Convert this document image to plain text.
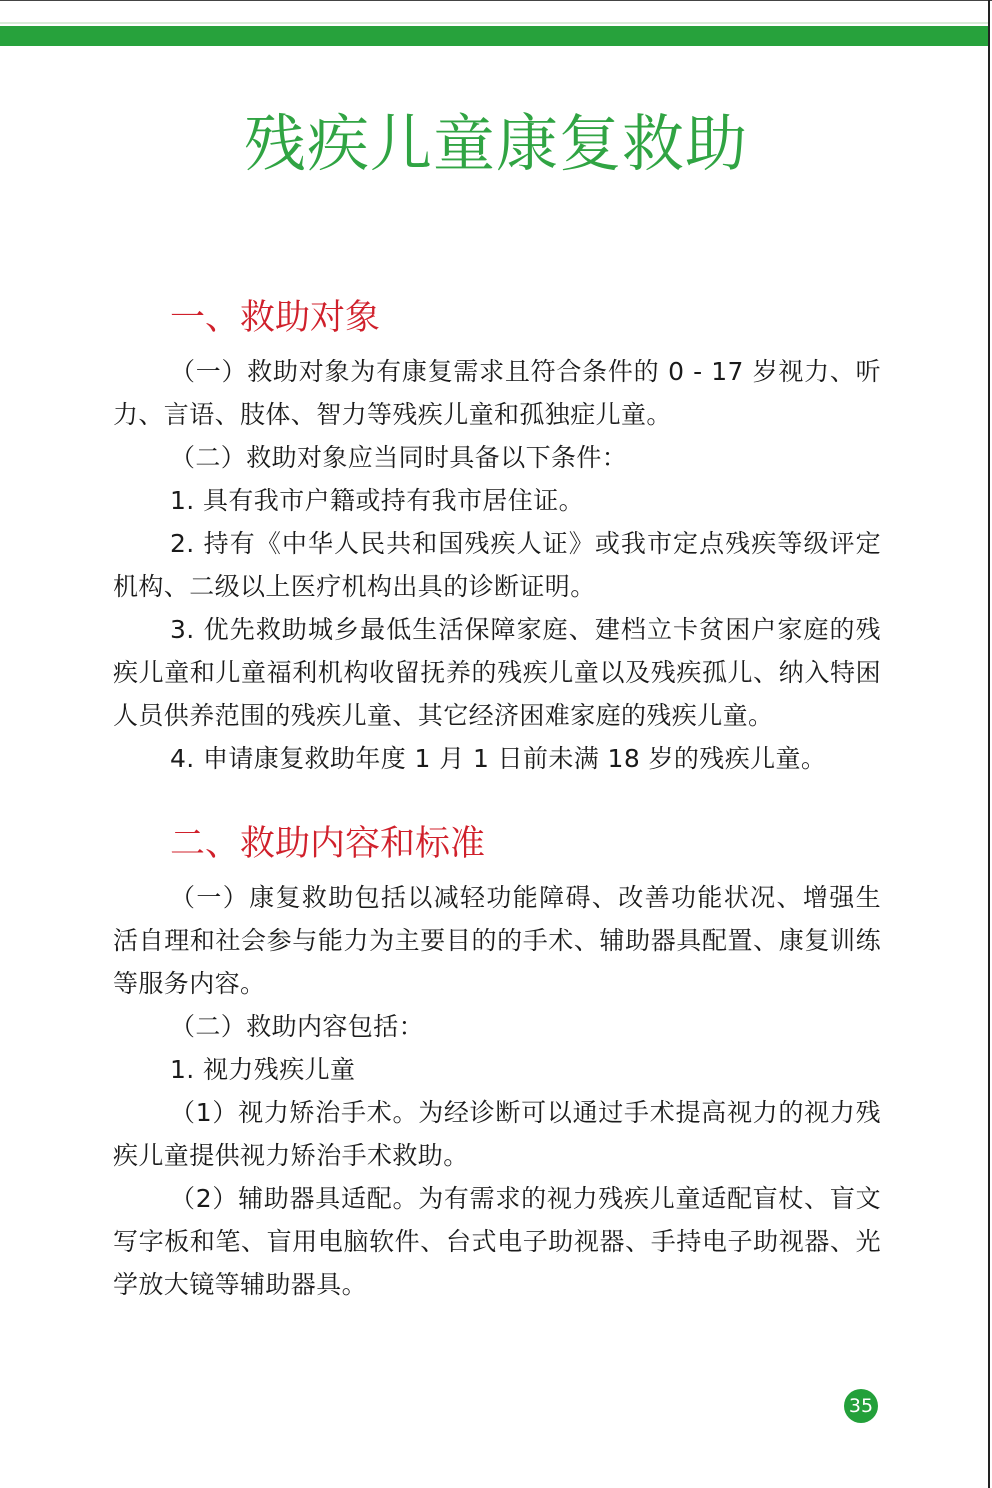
残疾儿童康复救助
一、救助对象

（一）救助对象为有康复需求且符合条件的 0 - 17 岁视力、听力、言语、肢体、智力等残疾儿童和孤独症儿童。

（二）救助对象应当同时具备以下条件：

1. 具有我市户籍或持有我市居住证。

2. 持有《中华人民共和国残疾人证》或我市定点残疾等级评定机构、二级以上医疗机构出具的诊断证明。

3. 优先救助城乡最低生活保障家庭、建档立卡贫困户家庭的残疾儿童和儿童福利机构收留抚养的残疾儿童以及残疾孤儿、纳入特困人员供养范围的残疾儿童、其它经济困难家庭的残疾儿童。

4. 申请康复救助年度 1 月 1 日前未满 18 岁的残疾儿童。

二、救助内容和标准

（一）康复救助包括以减轻功能障碍、改善功能状况、增强生活自理和社会参与能力为主要目的的手术、辅助器具配置、康复训练等服务内容。

（二）救助内容包括：

1. 视力残疾儿童

（1）视力矫治手术。为经诊断可以通过手术提高视力的视力残疾儿童提供视力矫治手术救助。

（2）辅助器具适配。为有需求的视力残疾儿童适配盲杖、盲文写字板和笔、盲用电脑软件、台式电子助视器、手持电子助视器、光学放大镜等辅助器具。

35
